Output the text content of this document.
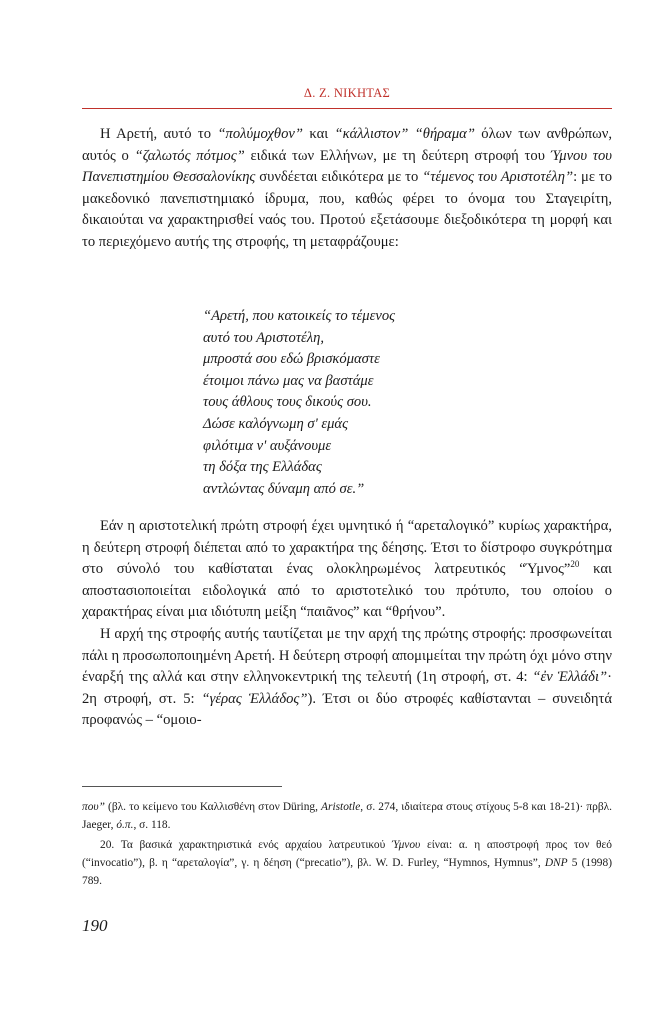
Δ. Ζ. ΝΙΚΗΤΑΣ
Η Αρετή, αυτό το “πολύμοχθον” και “κάλλιστον” “θήραμα” όλων των ανθρώπων, αυτός ο “ζαλωτός πότμος” ειδικά των Ελλήνων, με τη δεύτερη στροφή του Ύμνου του Πανεπιστημίου Θεσσαλονίκης συνδέεται ειδικότερα με το “τέμενος του Αριστοτέλη”: με το μακεδονικό πανεπιστημιακό ίδρυμα, που, καθώς φέρει το όνομα του Σταγειρίτη, δικαιούται να χαρακτηρισθεί ναός του. Προτού εξετάσουμε διεξοδικότερα τη μορφή και το περιεχόμενο αυτής της στροφής, τη μεταφράζουμε:
“Αρετή, που κατοικείς το τέμενος
αυτό του Αριστοτέλη,
μπροστά σου εδώ βρισκόμαστε
έτοιμοι πάνω μας να βαστάμε
τους άθλους τους δικούς σου.
Δώσε καλόγνωμη σ' εμάς
φιλότιμα ν' αυξάνουμε
τη δόξα της Ελλάδας
αντλώντας δύναμη από σε.”
Εάν η αριστοτελική πρώτη στροφή έχει υμνητικό ή “αρεταλογικό” κυρίως χαρακτήρα, η δεύτερη στροφή διέπεται από το χαρακτήρα της δέησης. Έτσι το δίστροφο συγκρότημα στο σύνολό του καθίσταται ένας ολοκληρωμένος λατρευτικός “Ύμνος”$^{20}$ και αποστασιοποιείται ειδολογικά από το αριστοτελικό του πρότυπο, του οποίου ο χαρακτήρας είναι μια ιδιότυπη μείξη “παιᾶνος” και “θρήνου”.
Η αρχή της στροφής αυτής ταυτίζεται με την αρχή της πρώτης στροφής: προσφωνείται πάλι η προσωποποιημένη Αρετή. Η δεύτερη στροφή απομιμείται την πρώτη όχι μόνο στην έναρξή της αλλά και στην ελληνοκεντρική της τελευτή (1η στροφή, στ. 4: “ἐν Ἑλλάδι”· 2η στροφή, στ. 5: “γέρας Ἑλλάδος”). Έτσι οι δύο στροφές καθίστανται – συνειδητά προφανώς – “ομοιο-
που” (βλ. το κείμενο του Καλλισθένη στον Düring, Aristotle, σ. 274, ιδιαίτερα στους στίχους 5-8 και 18-21)· πρβλ. Jaeger, ό.π., σ. 118.
20. Τα βασικά χαρακτηριστικά ενός αρχαίου λατρευτικού Ύμνου είναι: α. η αποστροφή προς τον θεό (“invocatio”), β. η “αρεταλογία”, γ. η δέηση (“precatio”), βλ. W. D. Furley, “Hymnos, Hymnus”, DNP 5 (1998) 789.
190
